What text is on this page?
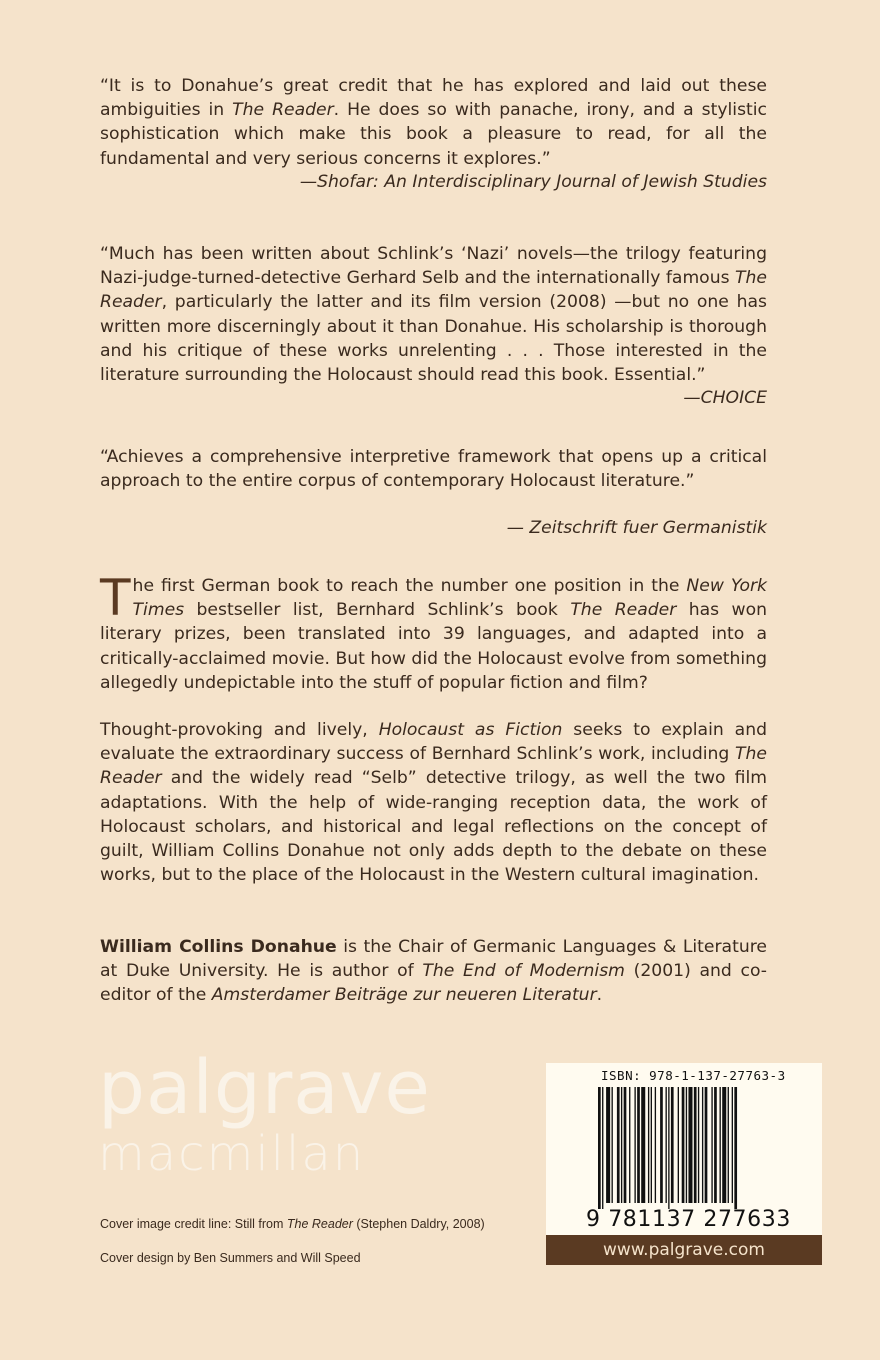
“It is to Donahue’s great credit that he has explored and laid out these ambiguities in The Reader. He does so with panache, irony, and a stylistic sophistication which make this book a pleasure to read, for all the fundamental and very serious concerns it explores.”
—Shofar: An Interdisciplinary Journal of Jewish Studies
“Much has been written about Schlink’s ‘Nazi’ novels—the trilogy featuring Nazi-judge-turned-detective Gerhard Selb and the internationally famous The Reader, particularly the latter and its film version (2008) —but no one has written more discerningly about it than Donahue. His scholarship is thorough and his critique of these works unrelenting . . . Those interested in the literature surrounding the Holocaust should read this book. Essential.”
—CHOICE
“Achieves a comprehensive interpretive framework that opens up a critical approach to the entire corpus of contemporary Holocaust literature.”
— Zeitschrift fuer Germanistik
The first German book to reach the number one position in the New York Times bestseller list, Bernhard Schlink’s book The Reader has won literary prizes, been translated into 39 languages, and adapted into a critically-acclaimed movie. But how did the Holocaust evolve from something allegedly undepictable into the stuff of popular fiction and film?
Thought-provoking and lively, Holocaust as Fiction seeks to explain and evaluate the extraordinary success of Bernhard Schlink’s work, including The Reader and the widely read “Selb” detective trilogy, as well the two film adaptations. With the help of wide-ranging reception data, the work of Holocaust scholars, and historical and legal reflections on the concept of guilt, William Collins Donahue not only adds depth to the debate on these works, but to the place of the Holocaust in the Western cultural imagination.
William Collins Donahue is the Chair of Germanic Languages & Literature at Duke University. He is author of The End of Modernism (2001) and co-editor of the Amsterdamer Beiträge zur neueren Literatur.
palgrave
macmillan
Cover image credit line: Still from The Reader (Stephen Daldry, 2008)
Cover design by Ben Summers and Will Speed
ISBN: 978-1-137-27763-3
9 781137 277633
www.palgrave.com
